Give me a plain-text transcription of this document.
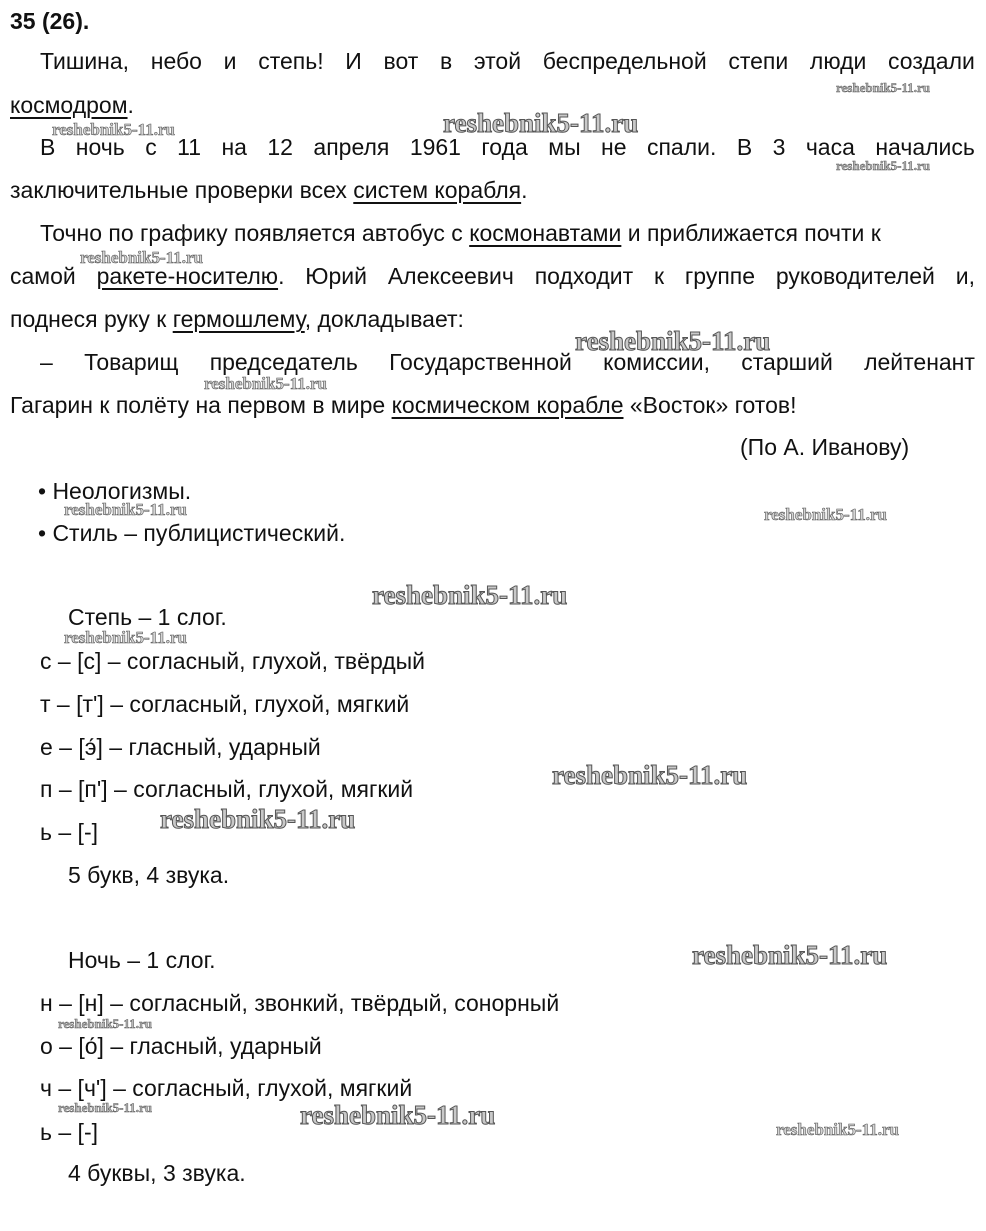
35 (26).
Тишина, небо и степь! И вот в этой беспредельной степи люди создали
космодром.
В ночь с 11 на 12 апреля 1961 года мы не спали. В 3 часа начались
заключительные проверки всех систем корабля.
Точно по графику появляется автобус с космонавтами и приближается почти к
самой ракете-носителю. Юрий Алексеевич подходит к группе руководителей и,
поднеся руку к гермошлему, докладывает:
– Товарищ председатель Государственной комиссии, старший лейтенант
Гагарин к полёту на первом в мире космическом корабле «Восток» готов!
(По А. Иванову)
• Неологизмы.
• Стиль – публицистический.
Степь – 1 слог.
с – [с] – согласный, глухой, твёрдый
т – [т'] – согласный, глухой, мягкий
е – [э́] – гласный, ударный
п – [п'] – согласный, глухой, мягкий
ь – [-]
5 букв, 4 звука.
Ночь – 1 слог.
н – [н] – согласный, звонкий, твёрдый, сонорный
о – [о́] – гласный, ударный
ч – [ч'] – согласный, глухой, мягкий
ь – [-]
4 буквы, 3 звука.
reshebnik5-11.ru
reshebnik5-11.ru
reshebnik5-11.ru
reshebnik5-11.ru
reshebnik5-11.ru
reshebnik5-11.ru
reshebnik5-11.ru
reshebnik5-11.ru	reshebnik5-11.ru
reshebnik5-11.ru
reshebnik5-11.ru
reshebnik5-11.ru
reshebnik5-11.ru
reshebnik5-11.ru
reshebnik5-11.ru
reshebnik5-11.ru	reshebnik5-11.ru	reshebnik5-11.ru
